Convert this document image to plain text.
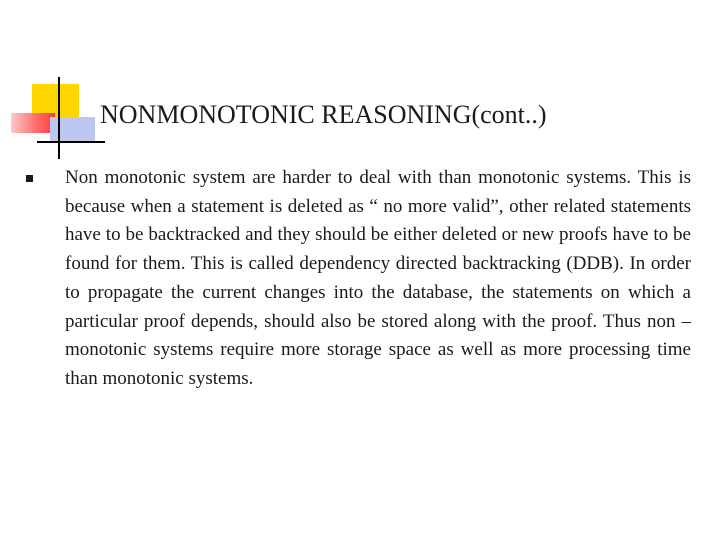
NONMONOTONIC REASONING(cont..)

Non monotonic system are harder to deal with than monotonic systems. This is because when a statement is deleted as “ no more valid”, other related statements have to be backtracked and they should be either deleted or new proofs have to be found for them. This is called dependency directed backtracking (DDB). In order to propagate the current changes into the database, the statements on which a particular proof depends, should also be stored along with the proof. Thus non – monotonic systems require more storage space as well as more processing time than monotonic systems.
